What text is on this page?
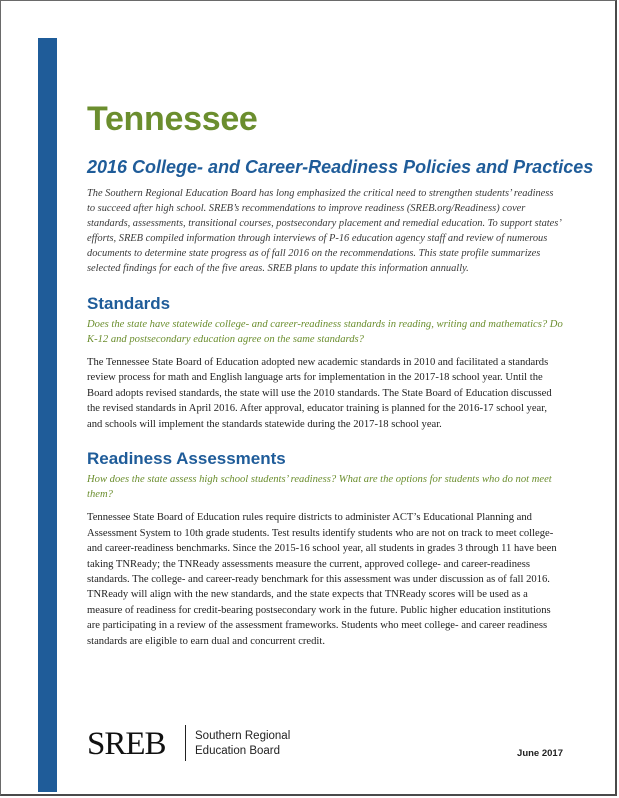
Tennessee
2016 College- and Career-Readiness Policies and Practices

The Southern Regional Education Board has long emphasized the critical need to strengthen students’ readiness to succeed after high school. SREB’s recommendations to improve readiness (SREB.org/Readiness) cover standards, assessments, transitional courses, postsecondary placement and remedial education. To support states’ efforts, SREB compiled information through interviews of P-16 education agency staff and review of numerous documents to determine state progress as of fall 2016 on the recommendations. This state profile summarizes selected findings for each of the five areas. SREB plans to update this information annually.

Standards

Does the state have statewide college- and career-readiness standards in reading, writing and mathematics? Do K-12 and postsecondary education agree on the same standards?

The Tennessee State Board of Education adopted new academic standards in 2010 and facilitated a standards review process for math and English language arts for implementation in the 2017-18 school year. Until the Board adopts revised standards, the state will use the 2010 standards. The State Board of Education discussed the revised standards in April 2016. After approval, educator training is planned for the 2016-17 school year, and schools will implement the standards statewide during the 2017-18 school year.

Readiness Assessments

How does the state assess high school students’ readiness? What are the options for students who do not meet them?

Tennessee State Board of Education rules require districts to administer ACT’s Educational Planning and Assessment System to 10th grade students. Test results identify students who are not on track to meet college- and career-readiness benchmarks. Since the 2015-16 school year, all students in grades 3 through 11 have been taking TNReady; the TNReady assessments measure the current, approved college- and career-readiness standards. The college- and career-ready benchmark for this assessment was under discussion as of fall 2016. TNReady will align with the new standards, and the state expects that TNReady scores will be used as a measure of readiness for credit-bearing postsecondary work in the future. Public higher education institutions are participating in a review of the assessment frameworks. Students who meet college- and career readiness standards are eligible to earn dual and concurrent credit.

SREB	Southern Regional
Education Board	June 2017
